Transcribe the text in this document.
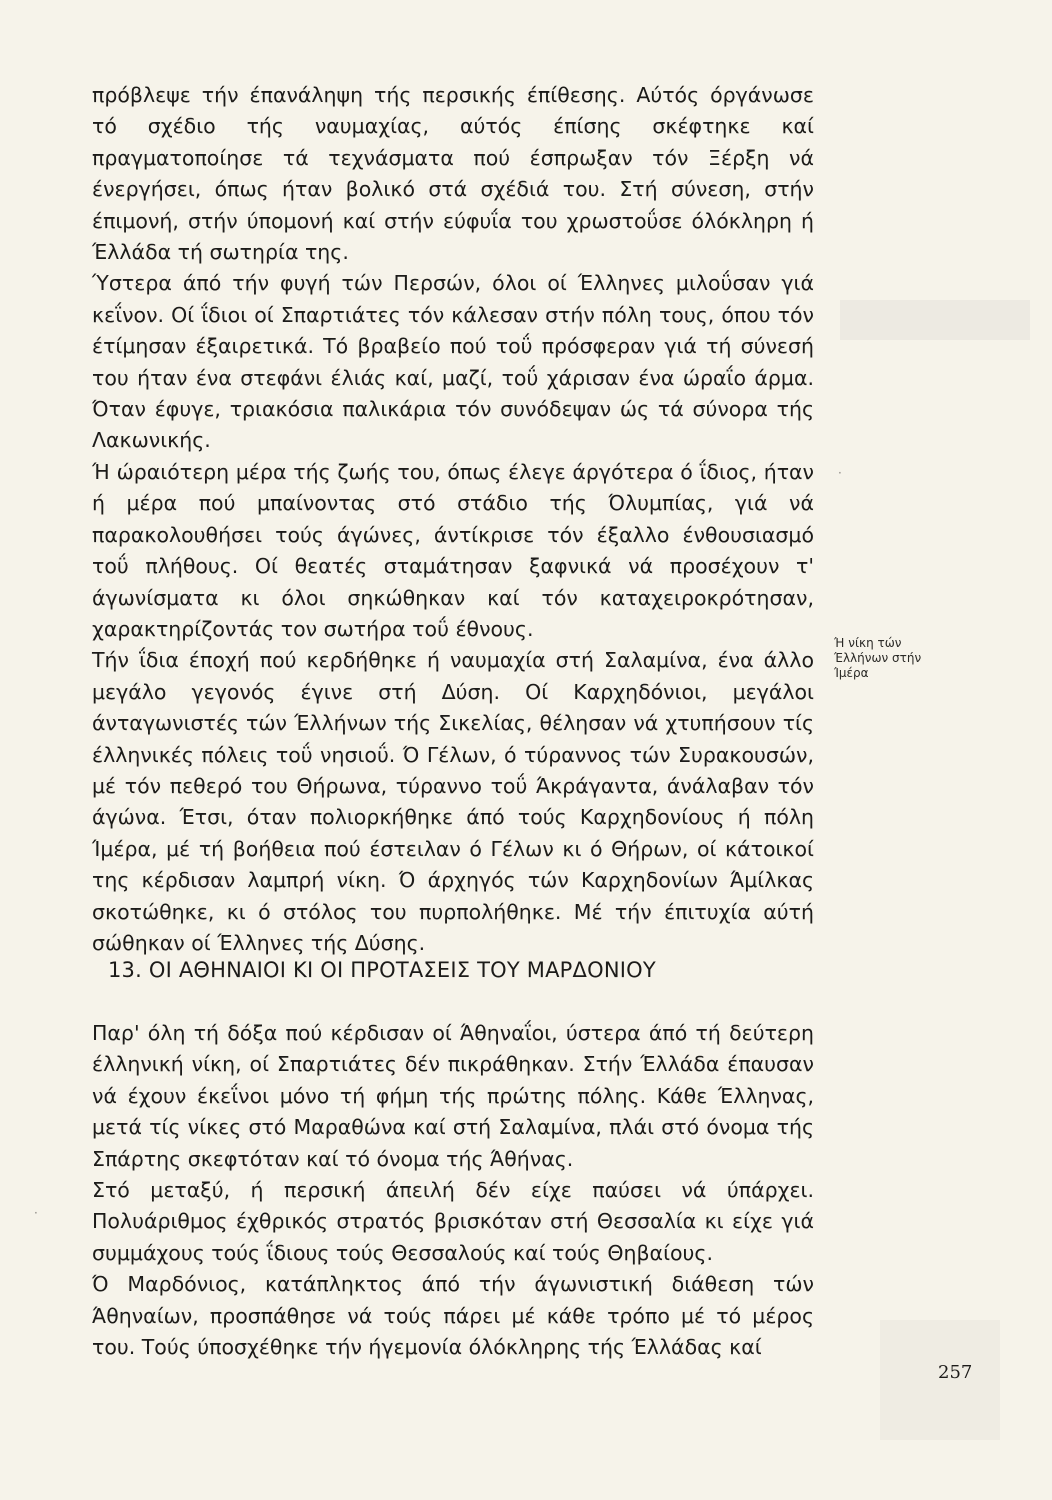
·
·

πρόβλεψε τήν έπανάληψη τής περσικής έπίθεσης. Αύτός όργάνωσε τό σχέδιο τής ναυμαχίας, αύτός έπίσης σκέφτηκε καί πραγματοποίησε τά τεχνάσματα πού έσπρωξαν τόν Ξέρξη νά ένεργήσει, όπως ήταν βολικό στά σχέδιά του. Στή σύνεση, στήν έπιμονή, στήν ύπομονή καί στήν εύφυΐα του χρωστοΰσε όλόκληρη ή Έλλάδα τή σωτηρία της.

Ύστερα άπό τήν φυγή τών Περσών, όλοι οί Έλληνες μιλοΰσαν γιά κεΐνον. Οί ΐδιοι οί Σπαρτιάτες τόν κάλεσαν στήν πόλη τους, όπου τόν έτίμησαν έξαιρετικά. Τό βραβείο πού τοΰ πρόσφεραν γιά τή σύνεσή του ήταν ένα στεφάνι έλιάς καί, μαζί, τοΰ χάρισαν ένα ώραΐο άρμα. Όταν έφυγε, τριακόσια παλικάρια τόν συνόδεψαν ώς τά σύνορα τής Λακωνικής.

Ή ώραιότερη μέρα τής ζωής του, όπως έλεγε άργότερα ό ΐδιος, ήταν ή μέρα πού μπαίνοντας στό στάδιο τής Όλυμπίας, γιά νά παρακολουθήσει τούς άγώνες, άντίκρισε τόν έξαλλο ένθουσιασμό τοΰ πλήθους. Οί θεατές σταμάτησαν ξαφνικά νά προσέχουν τ' άγωνίσματα κι όλοι σηκώθηκαν καί τόν καταχειροκρότησαν, χαρακτηρίζοντάς τον σωτήρα τοΰ έθνους.

Τήν ΐδια έποχή πού κερδήθηκε ή ναυμαχία στή Σαλαμίνα, ένα άλλο μεγάλο γεγονός έγινε στή Δύση. Οί Καρχηδόνιοι, μεγάλοι άνταγωνιστές τών Έλλήνων τής Σικελίας, θέλησαν νά χτυπήσουν τίς έλληνικές πόλεις τοΰ νησιοΰ. Ό Γέλων, ό τύραννος τών Συρακουσών, μέ τόν πεθερό του Θήρωνα, τύραννο τοΰ Άκράγαντα, άνάλαβαν τόν άγώνα. Έτσι, όταν πολιορκήθηκε άπό τούς Καρχηδονίους ή πόλη Ίμέρα, μέ τή βοήθεια πού έστειλαν ό Γέλων κι ό Θήρων, οί κάτοικοί της κέρδισαν λαμπρή νίκη. Ό άρχηγός τών Καρχηδονίων Άμίλκας σκοτώθηκε, κι ό στόλος του πυρπολήθηκε. Μέ τήν έπιτυχία αύτή σώθηκαν οί Έλληνες τής Δύσης.

Ή νίκη τών
Έλλήνων στήν
Ίμέρα
13. ΟΙ ΑΘΗΝΑΙΟΙ ΚΙ ΟΙ ΠΡΟΤΑΣΕΙΣ ΤΟΥ ΜΑΡΔΟΝΙΟΥ

Παρ' όλη τή δόξα πού κέρδισαν οί Άθηναΐοι, ύστερα άπό τή δεύτερη έλληνική νίκη, οί Σπαρτιάτες δέν πικράθηκαν. Στήν Έλλάδα έπαυσαν νά έχουν έκεΐνοι μόνο τή φήμη τής πρώτης πόλης. Κάθε Έλληνας, μετά τίς νίκες στό Μαραθώνα καί στή Σαλαμίνα, πλάι στό όνομα τής Σπάρτης σκεφτόταν καί τό όνομα τής Άθήνας.

Στό μεταξύ, ή περσική άπειλή δέν είχε παύσει νά ύπάρχει. Πολυάριθμος έχθρικός στρατός βρισκόταν στή Θεσσαλία κι είχε γιά συμμάχους τούς ΐδιους τούς Θεσσαλούς καί τούς Θηβαίους.

Ό Μαρδόνιος, κατάπληκτος άπό τήν άγωνιστική διάθεση τών Άθηναίων, προσπάθησε νά τούς πάρει μέ κάθε τρόπο μέ τό μέρος του. Τούς ύποσχέθηκε τήν ήγεμονία όλόκληρης τής Έλλάδας καί

257
